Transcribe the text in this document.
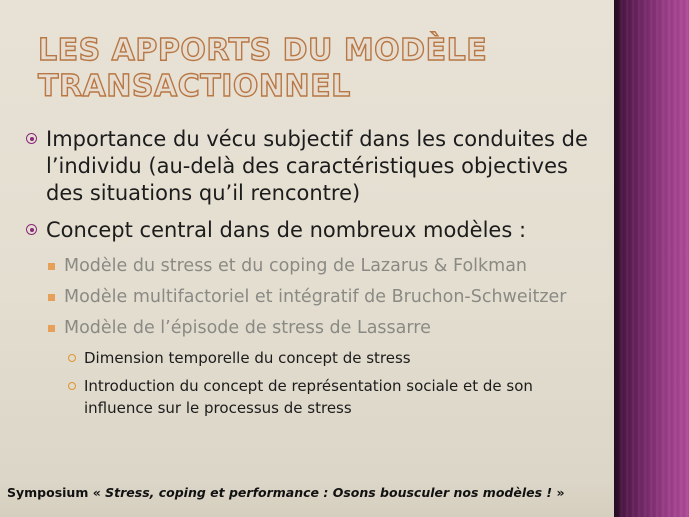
LES APPORTS DU MODÈLE
TRANSACTIONNEL
Importance du vécu subjectif dans les conduites de l’individu (au-delà des caractéristiques objectives des situations qu’il rencontre)
Concept central dans de nombreux modèles :
Modèle du stress et du coping de Lazarus & Folkman
Modèle multifactoriel et intégratif de Bruchon-Schweitzer
Modèle de l’épisode de stress de Lassarre
Dimension temporelle du concept de stress
Introduction du concept de représentation sociale et de son influence sur le processus de stress
Symposium « Stress, coping et performance : Osons bousculer nos modèles ! »
